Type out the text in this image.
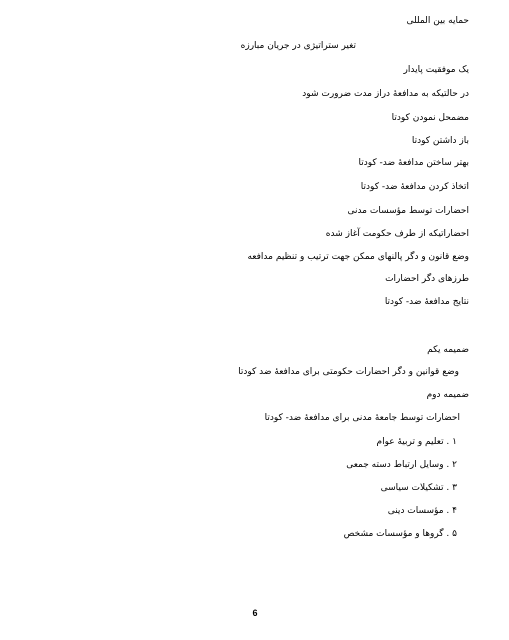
حمایه بین المللی
تغیر ستراتیژی در جریان مبارزه
یک موفقیت پایدار
در حالتیکه به مدافعهٔ دراز مدت ضرورت شود
مضمحل نمودن کودتا
باز داشتن کودتا
بهتر ساختن مدافعهٔ ضد- کودتا
اتخاذ کردن مدافعهٔ ضد- کودتا
احضارات توسط مؤسسات مدنی
احضاراتیکه از طرف حکومت آغاز شده
وضع قانون و دگر پالنهای ممکن جهت ترتیب و تنظیم مدافعه
طرزهای دگر احضارات
نتایج مدافعهٔ ضد- کودتا
ضمیمه یکم
وضع قوانین و دگر احضارات حکومتی برای مدافعهٔ ضد کودتا
ضمیمه دوم
احضارات توسط جامعهٔ مدنی برای مدافعهٔ ضد- کودتا
۱ . تعلیم و تربیهٔ عوام
۲ . وسایل ارتباط دسته جمعی
۳ . تشکیلات سیاسی
۴ . مؤسسات دینی
۵ . گروها و مؤسسات مشخص
6
